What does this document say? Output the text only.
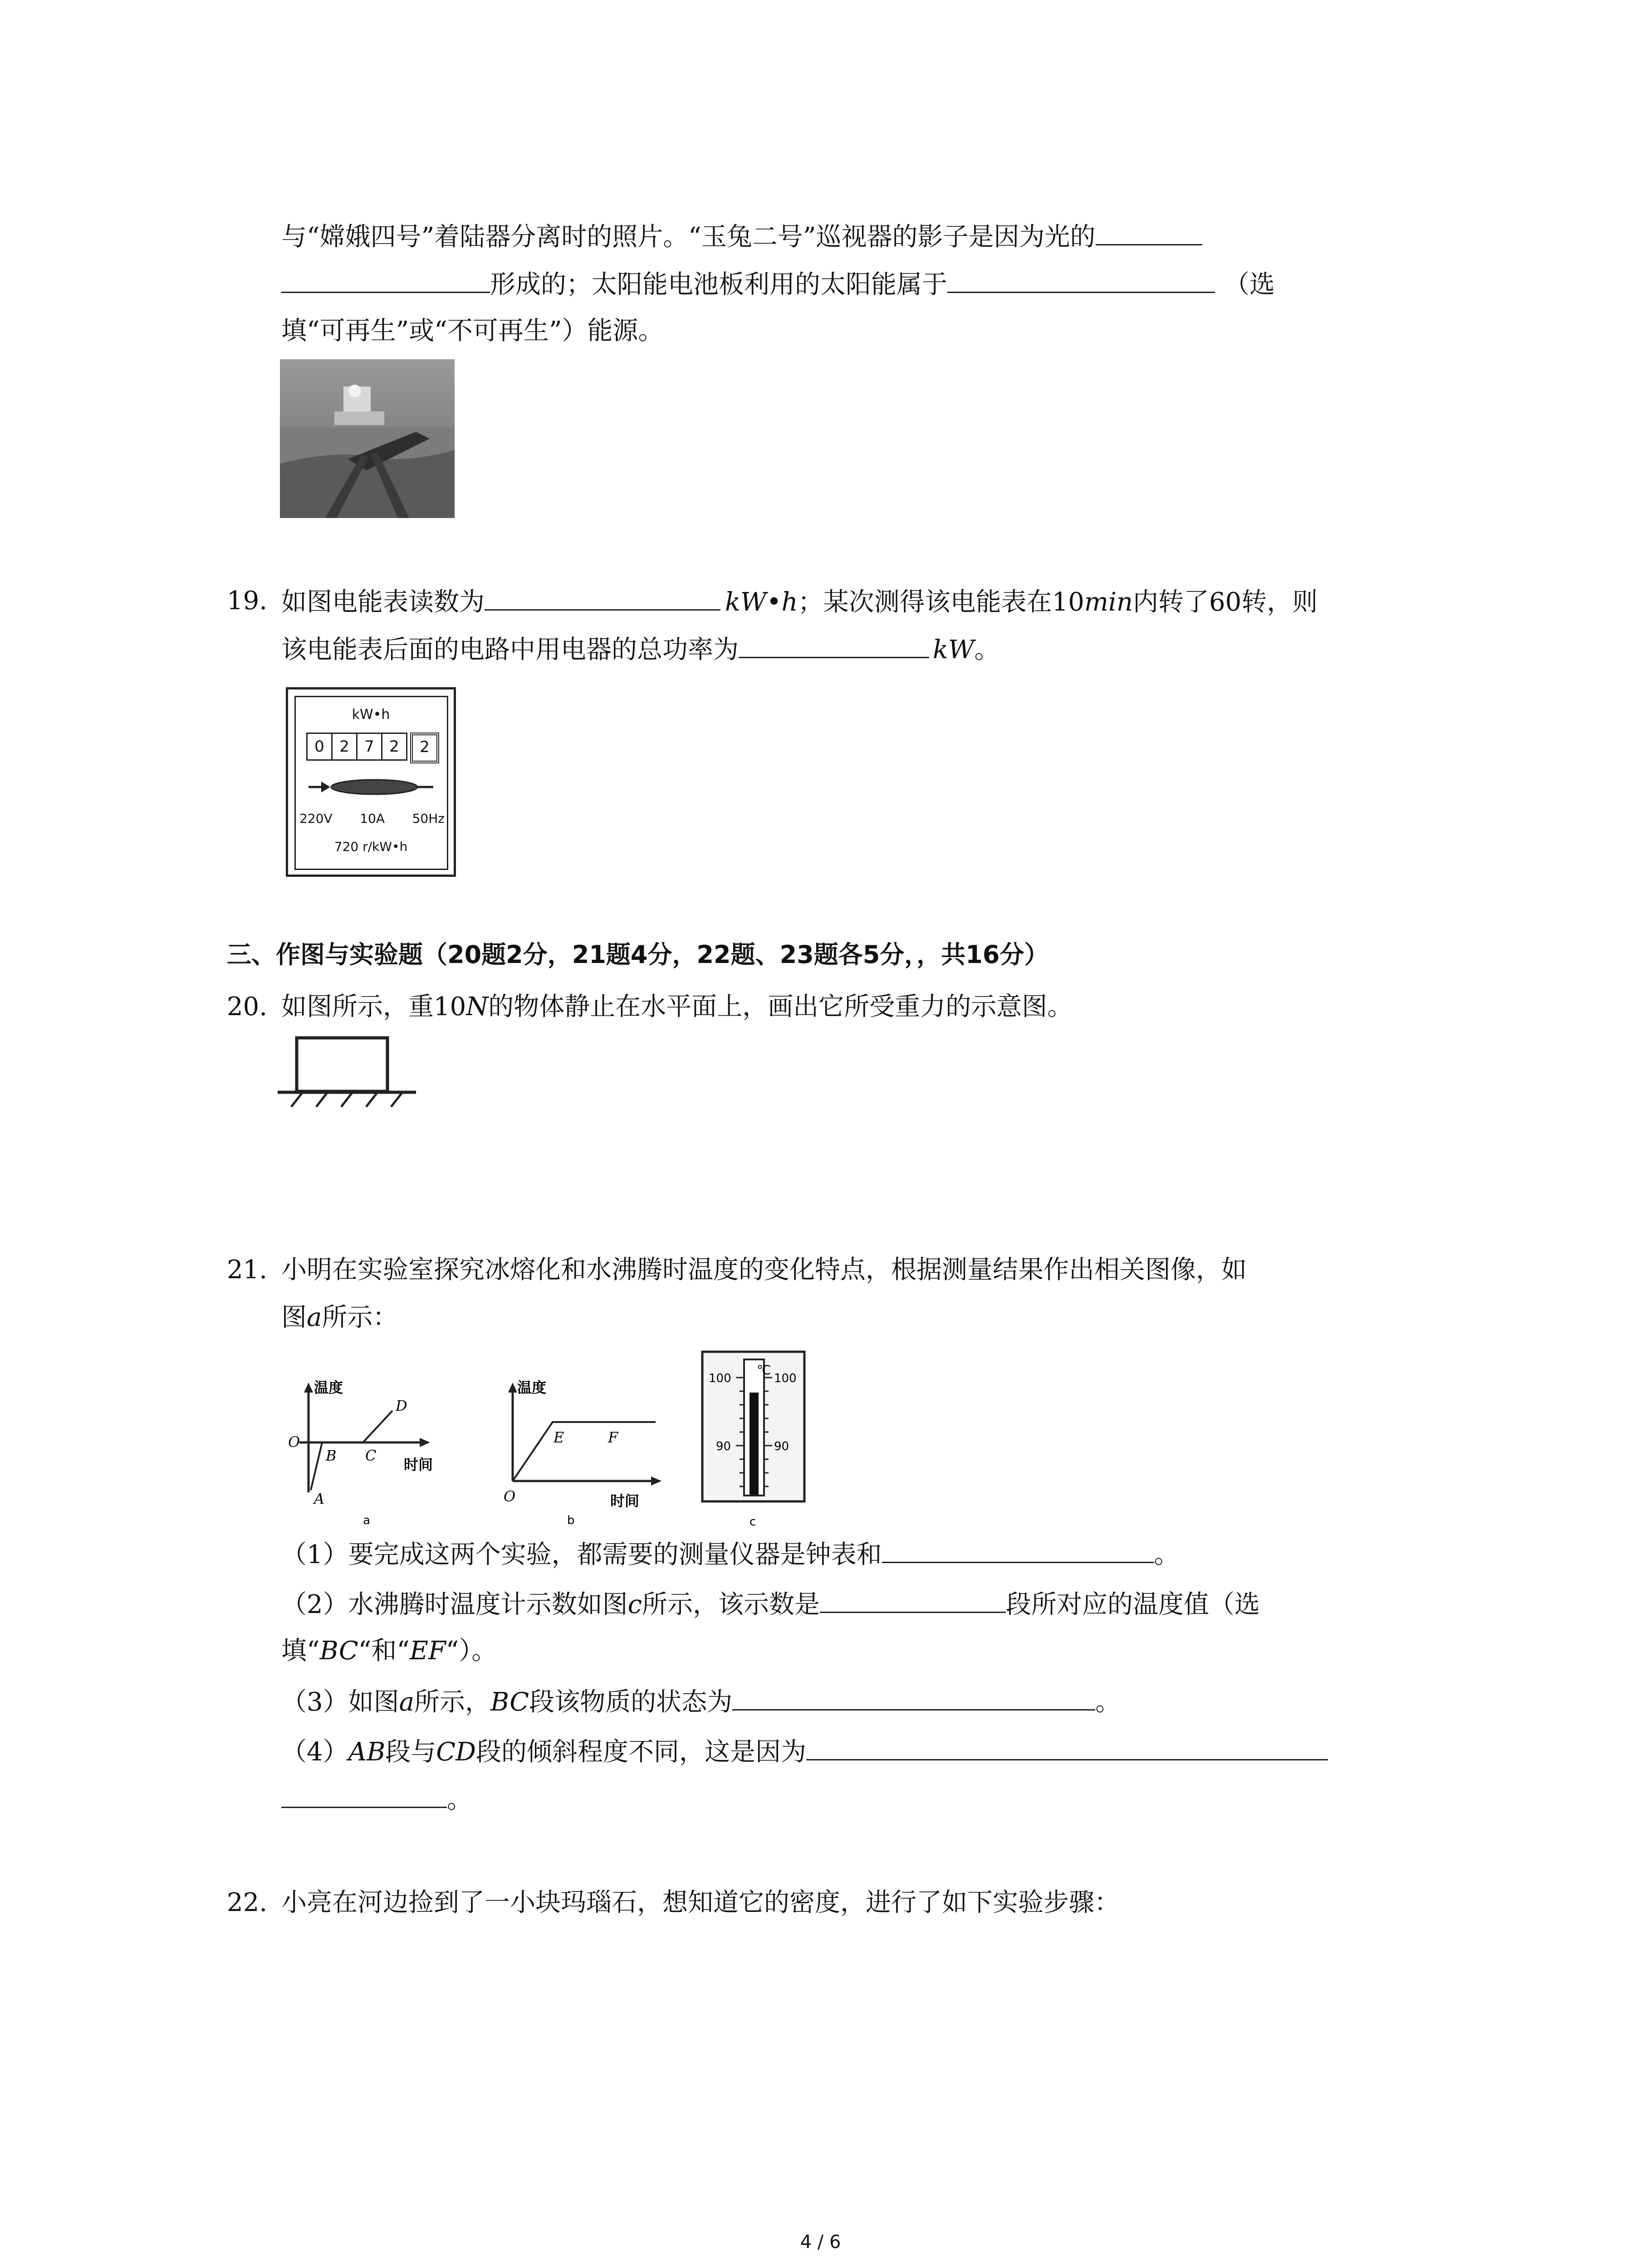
与“嫦娥四号”着陆器分离时的照片。“玉兔二号”巡视器的影子是因为光的
形成的；太阳能电池板利用的太阳能属于	（选
填“可再生”或“不可再生”）能源。
19. 如图电能表读数为	kW•h；某次测得该电能表在10min内转了60转，则
该电能表后面的电路中用电器的总功率为	kW。
kW•h
0 2 7 2	2
220V 10A 50Hz
720 r/kW•h
三、作图与实验题（20题2分，21题4分，22题、23题各5分，，共16分）
20. 如图所示，重10N的物体静止在水平面上，画出它所受重力的示意图。
21. 小明在实验室探究冰熔化和水沸腾时温度的变化特点，根据测量结果作出相关图像，如
图a所示：
温度
O
A
B C
D
时间
a
温度
O
E	F
时间
b
℃
100	100
90	90
c
（1）要完成这两个实验，都需要的测量仪器是钟表和	。
（2）水沸腾时温度计示数如图c所示，该示数是	段所对应的温度值（选
填“BC“和“EF“）。
（3）如图a所示，BC段该物质的状态为	。
（4）AB段与CD段的倾斜程度不同，这是因为
。
22. 小亮在河边捡到了一小块玛瑙石，想知道它的密度，进行了如下实验步骤：
4 / 6
